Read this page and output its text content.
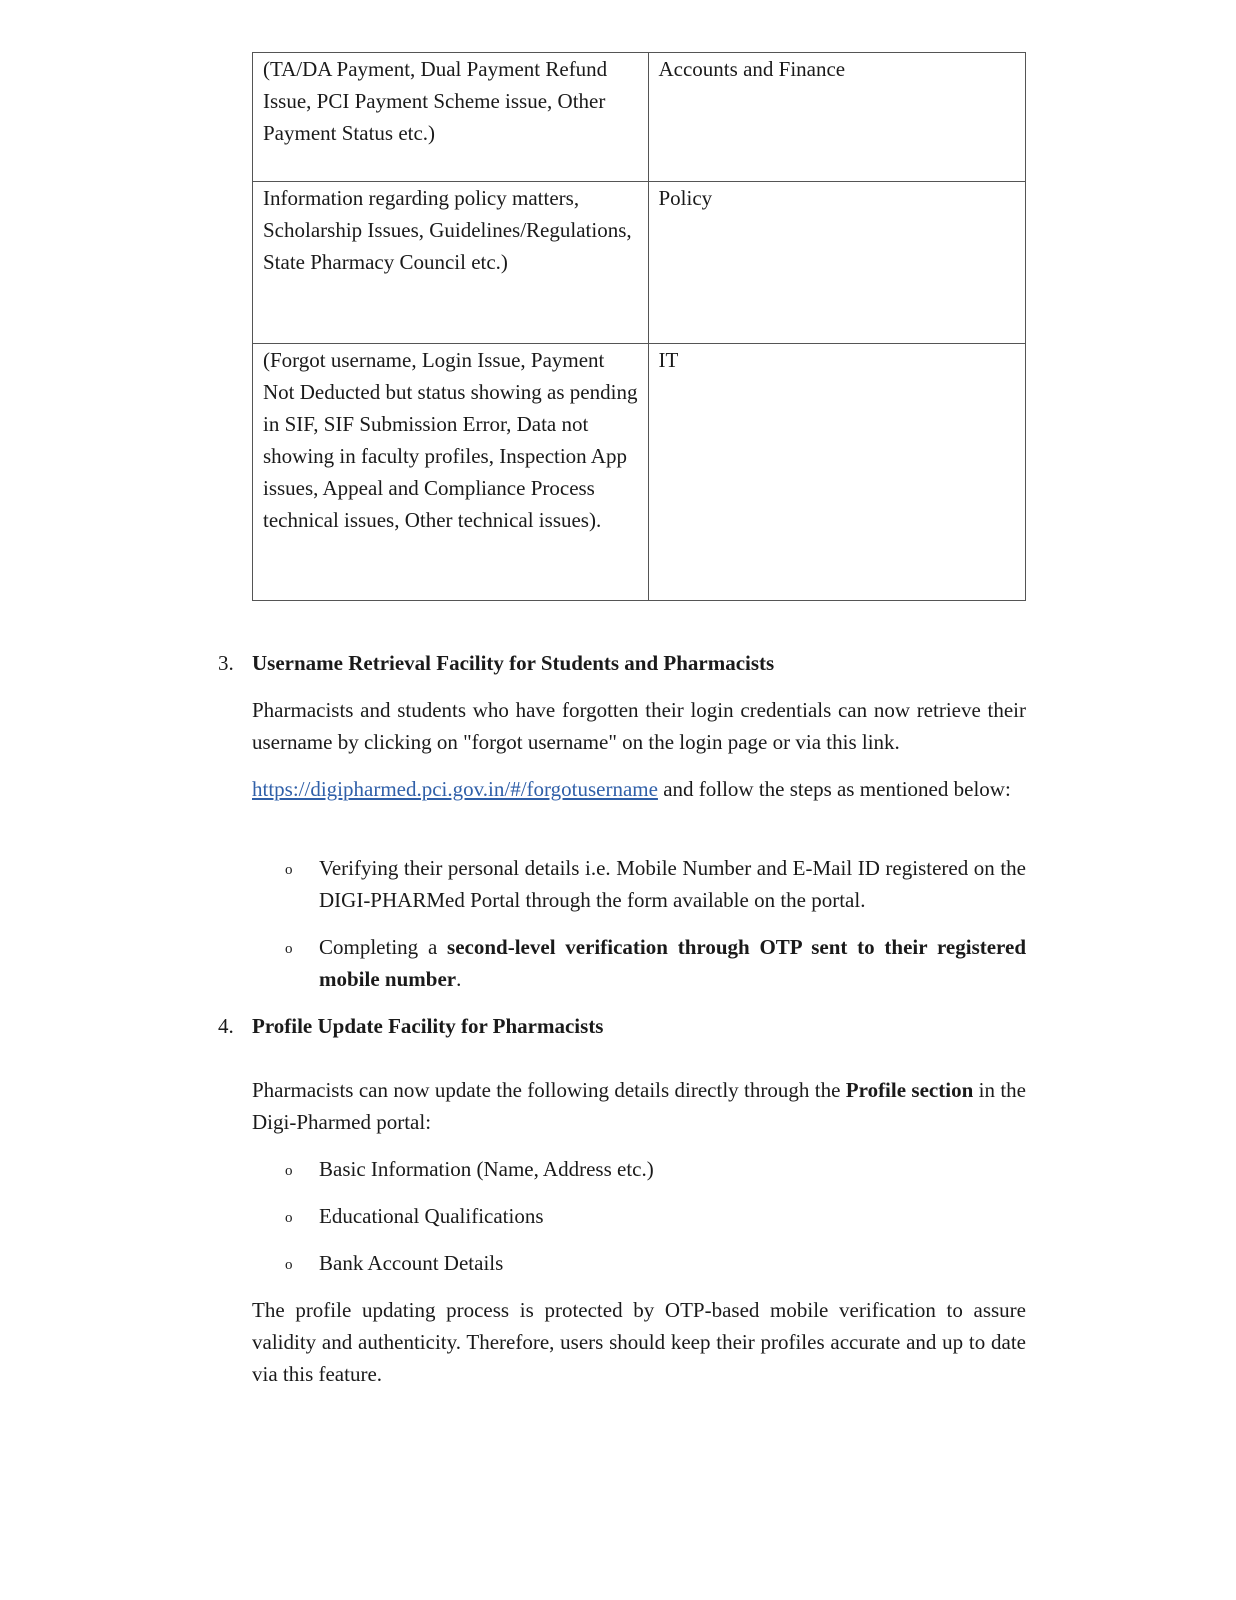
(TA/DA Payment, Dual Payment Refund Issue, PCI Payment Scheme issue, Other Payment Status etc.)	Accounts and Finance
Information regarding policy matters, Scholarship Issues, Guidelines/Regulations, State Pharmacy Council etc.)	Policy
(Forgot username, Login Issue, Payment Not Deducted but status showing as pending in SIF, SIF Submission Error, Data not showing in faculty profiles, Inspection App issues, Appeal and Compliance Process technical issues, Other technical issues).	IT
3. Username Retrieval Facility for Students and Pharmacists
Pharmacists and students who have forgotten their login credentials can now retrieve their username by clicking on "forgot username" on the login page or via this link.
https://digipharmed.pci.gov.in/#/forgotusername and follow the steps as mentioned below:
o	Verifying their personal details i.e. Mobile Number and E-Mail ID registered on the DIGI-PHARMed Portal through the form available on the portal.
o	Completing a second-level verification through OTP sent to their registered mobile number.
4. Profile Update Facility for Pharmacists
Pharmacists can now update the following details directly through the Profile section in the Digi-Pharmed portal:
o	Basic Information (Name, Address etc.)
o	Educational Qualifications
o	Bank Account Details
The profile updating process is protected by OTP-based mobile verification to assure validity and authenticity. Therefore, users should keep their profiles accurate and up to date via this feature.
